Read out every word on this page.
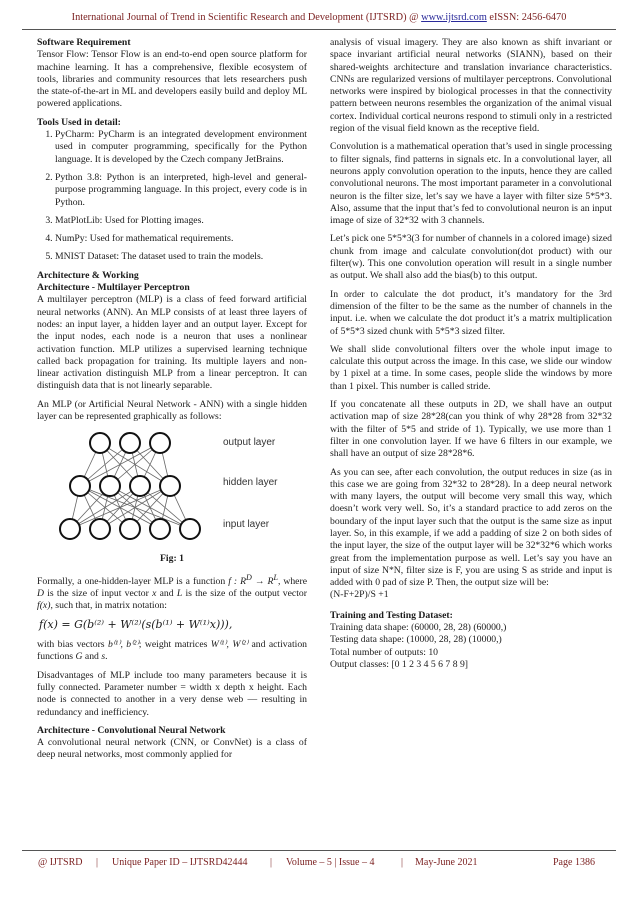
International Journal of Trend in Scientific Research and Development (IJTSRD) @ www.ijtsrd.com eISSN: 2456-6470

Software Requirement

Tensor Flow: Tensor Flow is an end-to-end open source platform for machine learning. It has a comprehensive, flexible ecosystem of tools, libraries and community resources that lets researchers push the state-of-the-art in ML and developers easily build and deploy ML powered applications.

Tools Used in detail:

1. PyCharm: PyCharm is an integrated development environment used in computer programming, specifically for the Python language. It is developed by the Czech company JetBrains.
2. Python 3.8: Python is an interpreted, high-level and general-purpose programming language. In this project, every code is in Python.
3. MatPlotLib: Used for Plotting images.
4. NumPy: Used for mathematical requirements.
5. MNIST Dataset: The dataset used to train the models.

Architecture & Working

Architecture - Multilayer Perceptron

A multilayer perceptron (MLP) is a class of feed forward artificial neural networks (ANN). An MLP consists of at least three layers of nodes: an input layer, a hidden layer and an output layer. Except for the input nodes, each node is a neuron that uses a nonlinear activation function. MLP utilizes a supervised learning technique called back propagation for training. Its multiple layers and non-linear activation distinguish MLP from a linear perceptron. It can distinguish data that is not linearly separable.

An MLP (or Artificial Neural Network - ANN) with a single hidden layer can be represented graphically as follows:

output layer
hidden layer
input layer

Fig: 1

Formally, a one-hidden-layer MLP is a function f : $R^D \to R^L$, where D is the size of input vector x and L is the size of the output vector f(x), such that, in matrix notation:

f(x) = G(b⁽²⁾ + W⁽²⁾(s(b⁽¹⁾ + W⁽¹⁾x))),

with bias vectors b⁽¹⁾, b⁽²⁾; weight matrices W⁽¹⁾, W⁽²⁾ and activation functions G and s.

Disadvantages of MLP include too many parameters because it is fully connected. Parameter number = width x depth x height. Each node is connected to another in a very dense web — resulting in redundancy and inefficiency.

Architecture - Convolutional Neural Network

A convolutional neural network (CNN, or ConvNet) is a class of deep neural networks, most commonly applied for

analysis of visual imagery. They are also known as shift invariant or space invariant artificial neural networks (SIANN), based on their shared-weights architecture and translation invariance characteristics. CNNs are regularized versions of multilayer perceptrons. Convolutional networks were inspired by biological processes in that the connectivity pattern between neurons resembles the organization of the animal visual cortex. Individual cortical neurons respond to stimuli only in a restricted region of the visual field known as the receptive field.

Convolution is a mathematical operation that’s used in single processing to filter signals, find patterns in signals etc. In a convolutional layer, all neurons apply convolution operation to the inputs, hence they are called convolutional neurons. The most important parameter in a convolutional neuron is the filter size, let’s say we have a layer with filter size 5*5*3. Also, assume that the input that’s fed to convolutional neuron is an input image of size of 32*32 with 3 channels.

Let’s pick one 5*5*3(3 for number of channels in a colored image) sized chunk from image and calculate convolution(dot product) with our filter(w). This one convolution operation will result in a single number as output. We shall also add the bias(b) to this output.

In order to calculate the dot product, it’s mandatory for the 3rd dimension of the filter to be the same as the number of channels in the input. i.e. when we calculate the dot product it’s a matrix multiplication of 5*5*3 sized chunk with 5*5*3 sized filter.

We shall slide convolutional filters over the whole input image to calculate this output across the image. In this case, we slide our window by 1 pixel at a time. In some cases, people slide the windows by more than 1 pixel. This number is called stride.

If you concatenate all these outputs in 2D, we shall have an output activation map of size 28*28(can you think of why 28*28 from 32*32 with the filter of 5*5 and stride of 1). Typically, we use more than 1 filter in one convolution layer. If we have 6 filters in our example, we shall have an output of size 28*28*6.

As you can see, after each convolution, the output reduces in size (as in this case we are going from 32*32 to 28*28). In a deep neural network with many layers, the output will become very small this way, which doesn’t work very well. So, it’s a standard practice to add zeros on the boundary of the input layer such that the output is the same size as input layer. So, in this example, if we add a padding of size 2 on both sides of the input layer, the size of the output layer will be 32*32*6 which works great from the implementation purpose as well. Let’s say you have an input of size N*N, filter size is F, you are using S as stride and input is added with 0 pad of size P. Then, the output size will be:

(N-F+2P)/S +1

Training and Testing Dataset:

Training data shape: (60000, 28, 28) (60000,)

Testing data shape: (10000, 28, 28) (10000,)

Total number of outputs: 10

Output classes: [0 1 2 3 4 5 6 7 8 9]

@ IJTSRD | Unique Paper ID – IJTSRD42444 | Volume – 5 | Issue – 4	| May-June 2021	Page 1386
